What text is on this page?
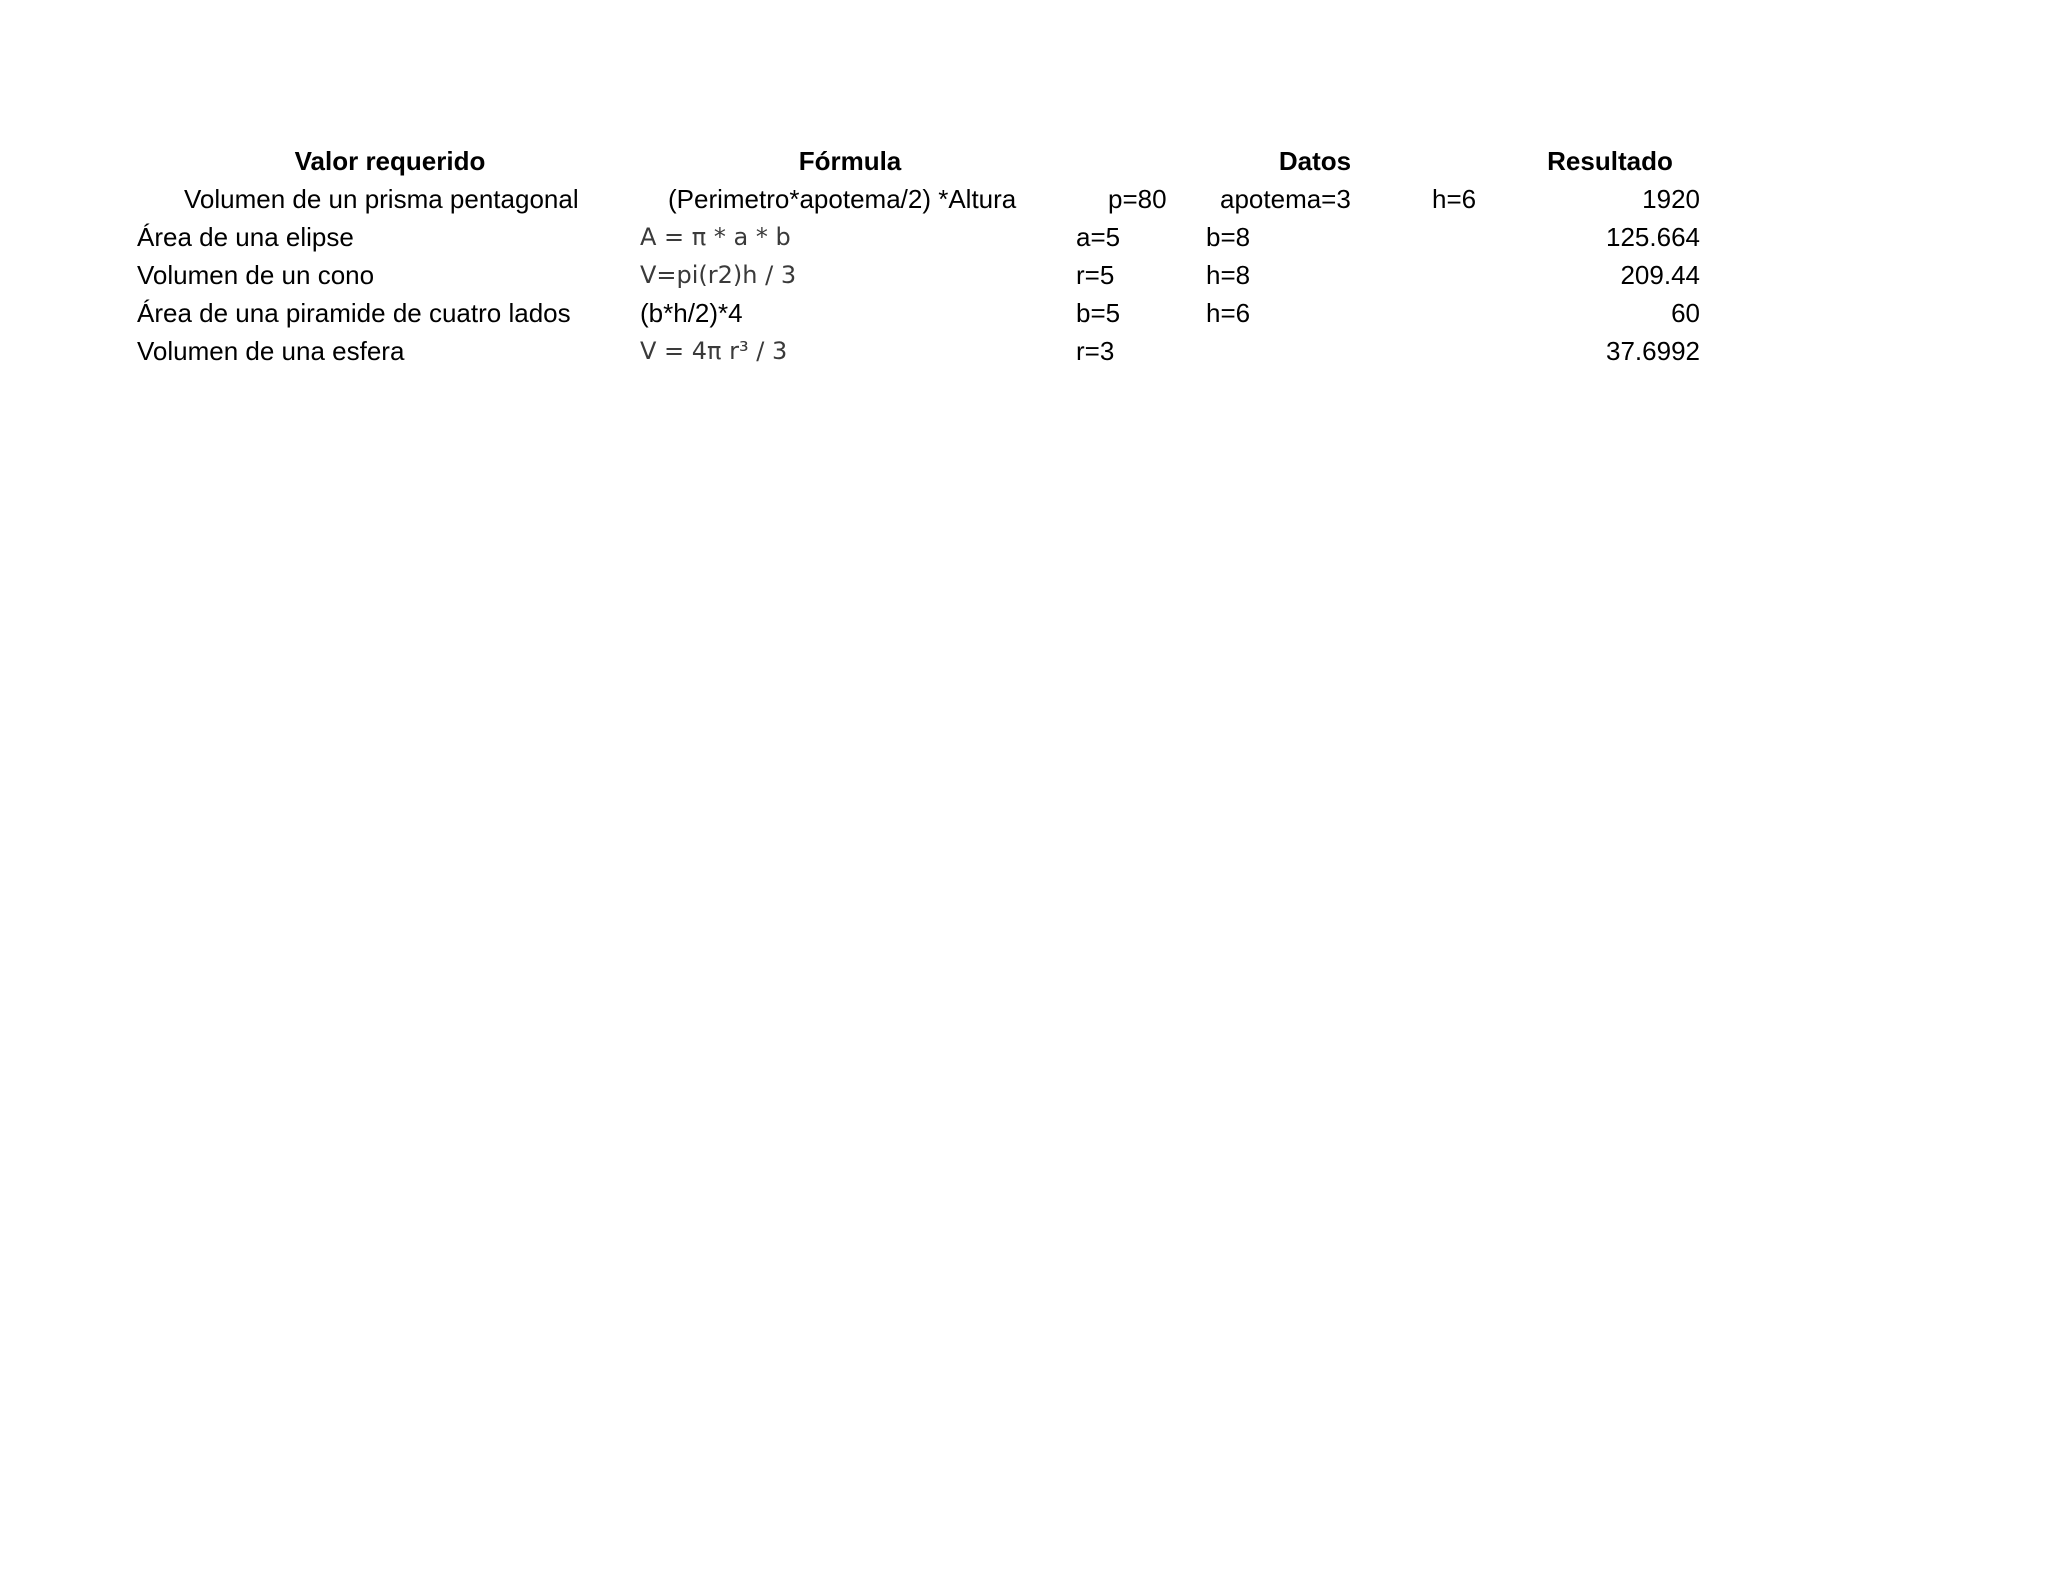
Valor requerido	Fórmula	Datos	Resultado
Volumen de un prisma pentagonal	(Perimetro*apotema/2) *Altura	p=80 apotema=3	h=6	1920
Área de una elipse	A = π * a * b	a=5	b=8	125.664
Volumen de un cono	V=pi(r2)h / 3	r=5	h=8	209.44
Área de una piramide de cuatro lados	(b*h/2)*4	b=5	h=6	60
Volumen de una esfera	V = 4π r³ / 3	r=3	37.6992
